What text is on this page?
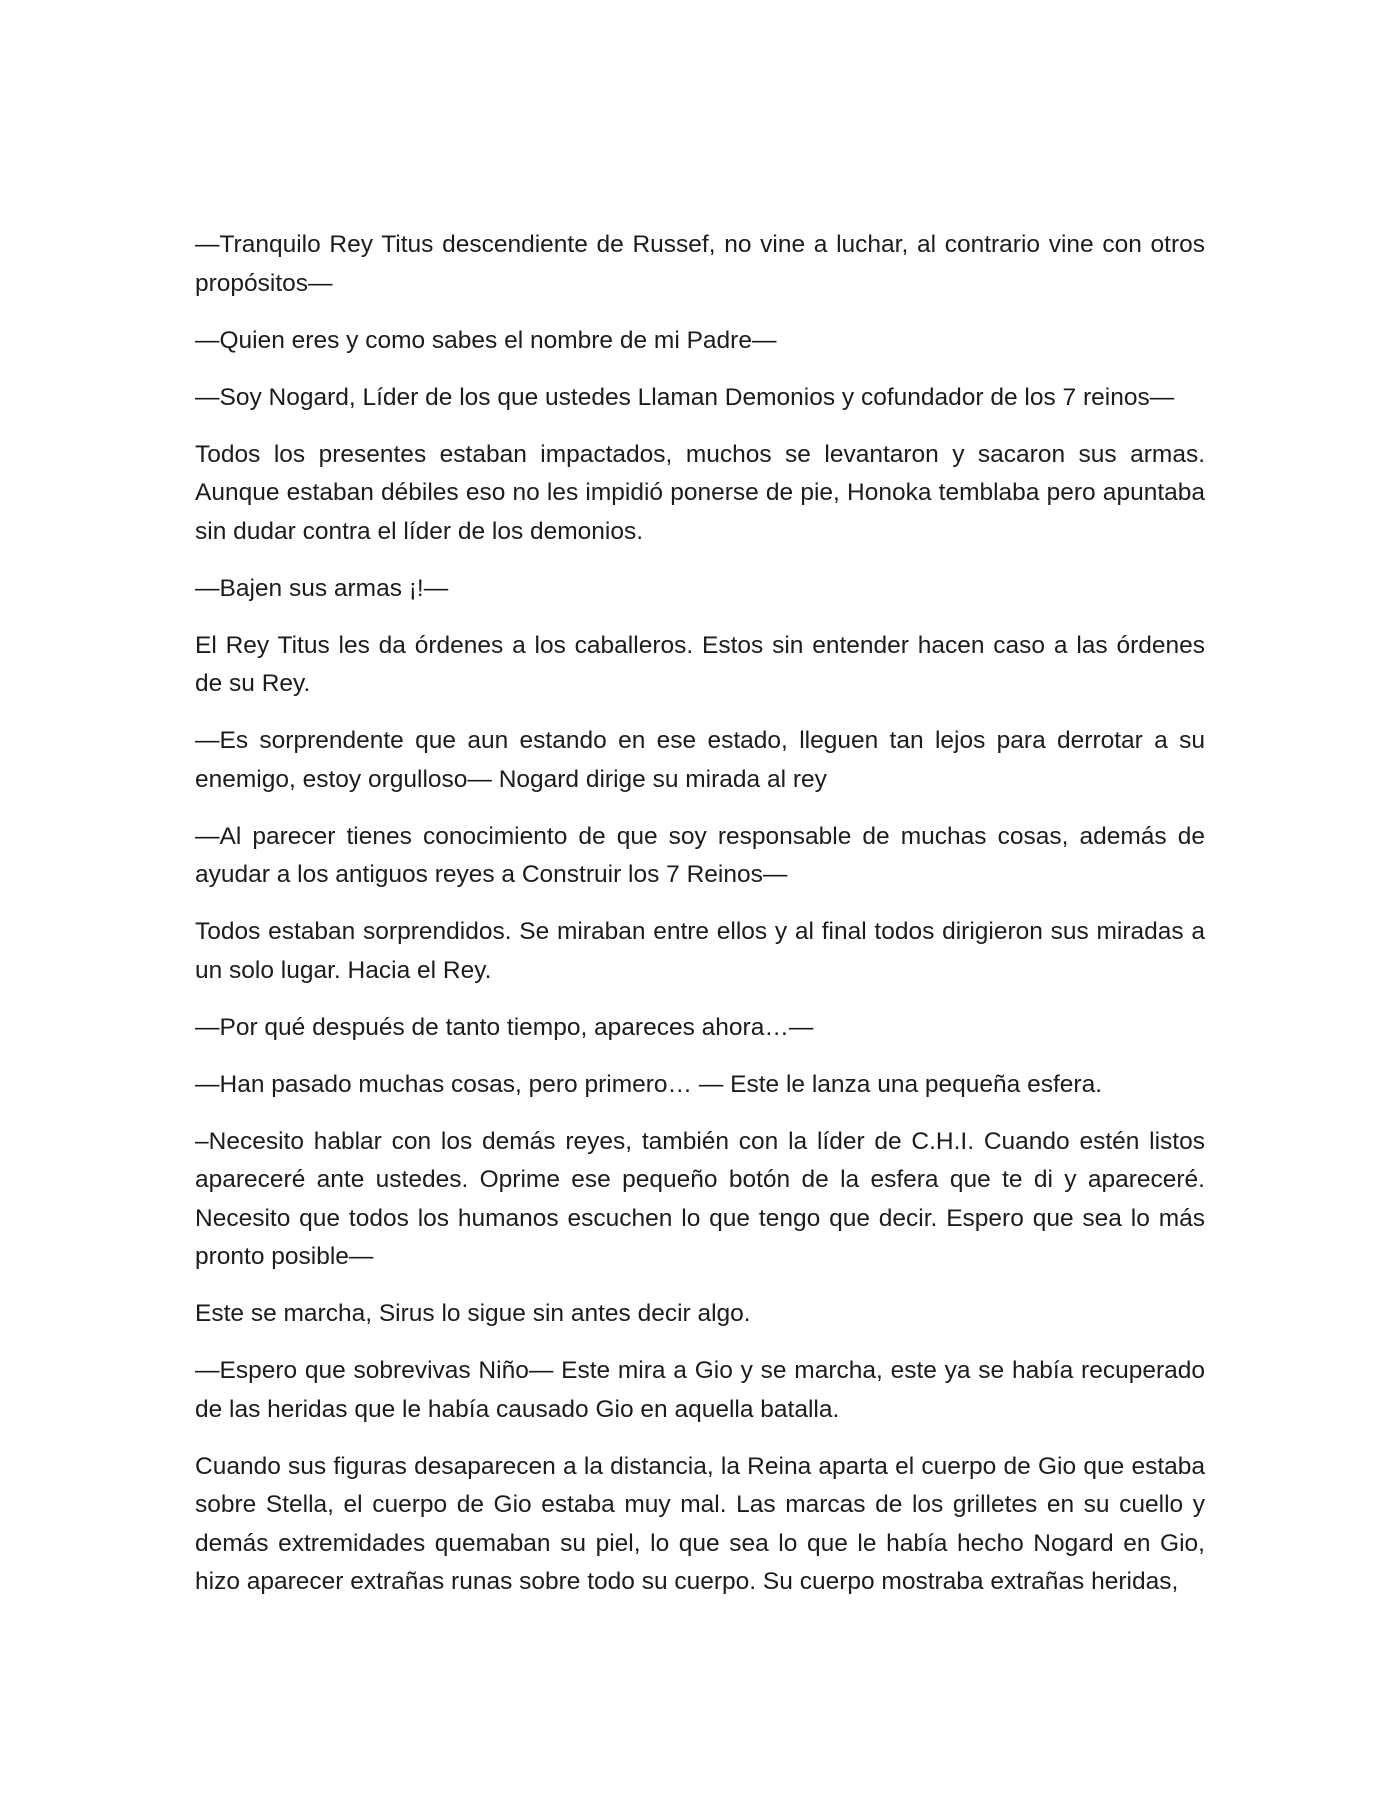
—Tranquilo Rey Titus descendiente de Russef, no vine a luchar, al contrario vine con otros propósitos—

—Quien eres y como sabes el nombre de mi Padre—

—Soy Nogard, Líder de los que ustedes Llaman Demonios y cofundador de los 7 reinos—

Todos los presentes estaban impactados, muchos se levantaron y sacaron sus armas. Aunque estaban débiles eso no les impidió ponerse de pie, Honoka temblaba pero apuntaba sin dudar contra el líder de los demonios.

—Bajen sus armas ¡!—

El Rey Titus les da órdenes a los caballeros. Estos sin entender hacen caso a las órdenes de su Rey.

—Es sorprendente que aun estando en ese estado, lleguen tan lejos para derrotar a su enemigo, estoy orgulloso— Nogard dirige su mirada al rey

—Al parecer tienes conocimiento de que soy responsable de muchas cosas, además de ayudar a los antiguos reyes a Construir los 7 Reinos—

Todos estaban sorprendidos. Se miraban entre ellos y al final todos dirigieron sus miradas a un solo lugar. Hacia el Rey.

—Por qué después de tanto tiempo, apareces ahora…—

—Han pasado muchas cosas, pero primero… — Este le lanza una pequeña esfera.

–Necesito hablar con los demás reyes, también con la líder de C.H.I. Cuando estén listos apareceré ante ustedes. Oprime ese pequeño botón de la esfera que te di y apareceré. Necesito que todos los humanos escuchen lo que tengo que decir. Espero que sea lo más pronto posible—

Este se marcha, Sirus lo sigue sin antes decir algo.

—Espero que sobrevivas Niño— Este mira a Gio y se marcha, este ya se había recuperado de las heridas que le había causado Gio en aquella batalla.

Cuando sus figuras desaparecen a la distancia, la Reina aparta el cuerpo de Gio que estaba sobre Stella, el cuerpo de Gio estaba muy mal. Las marcas de los grilletes en su cuello y demás extremidades quemaban su piel, lo que sea lo que le había hecho Nogard en Gio, hizo aparecer extrañas runas sobre todo su cuerpo. Su cuerpo mostraba extrañas heridas,
